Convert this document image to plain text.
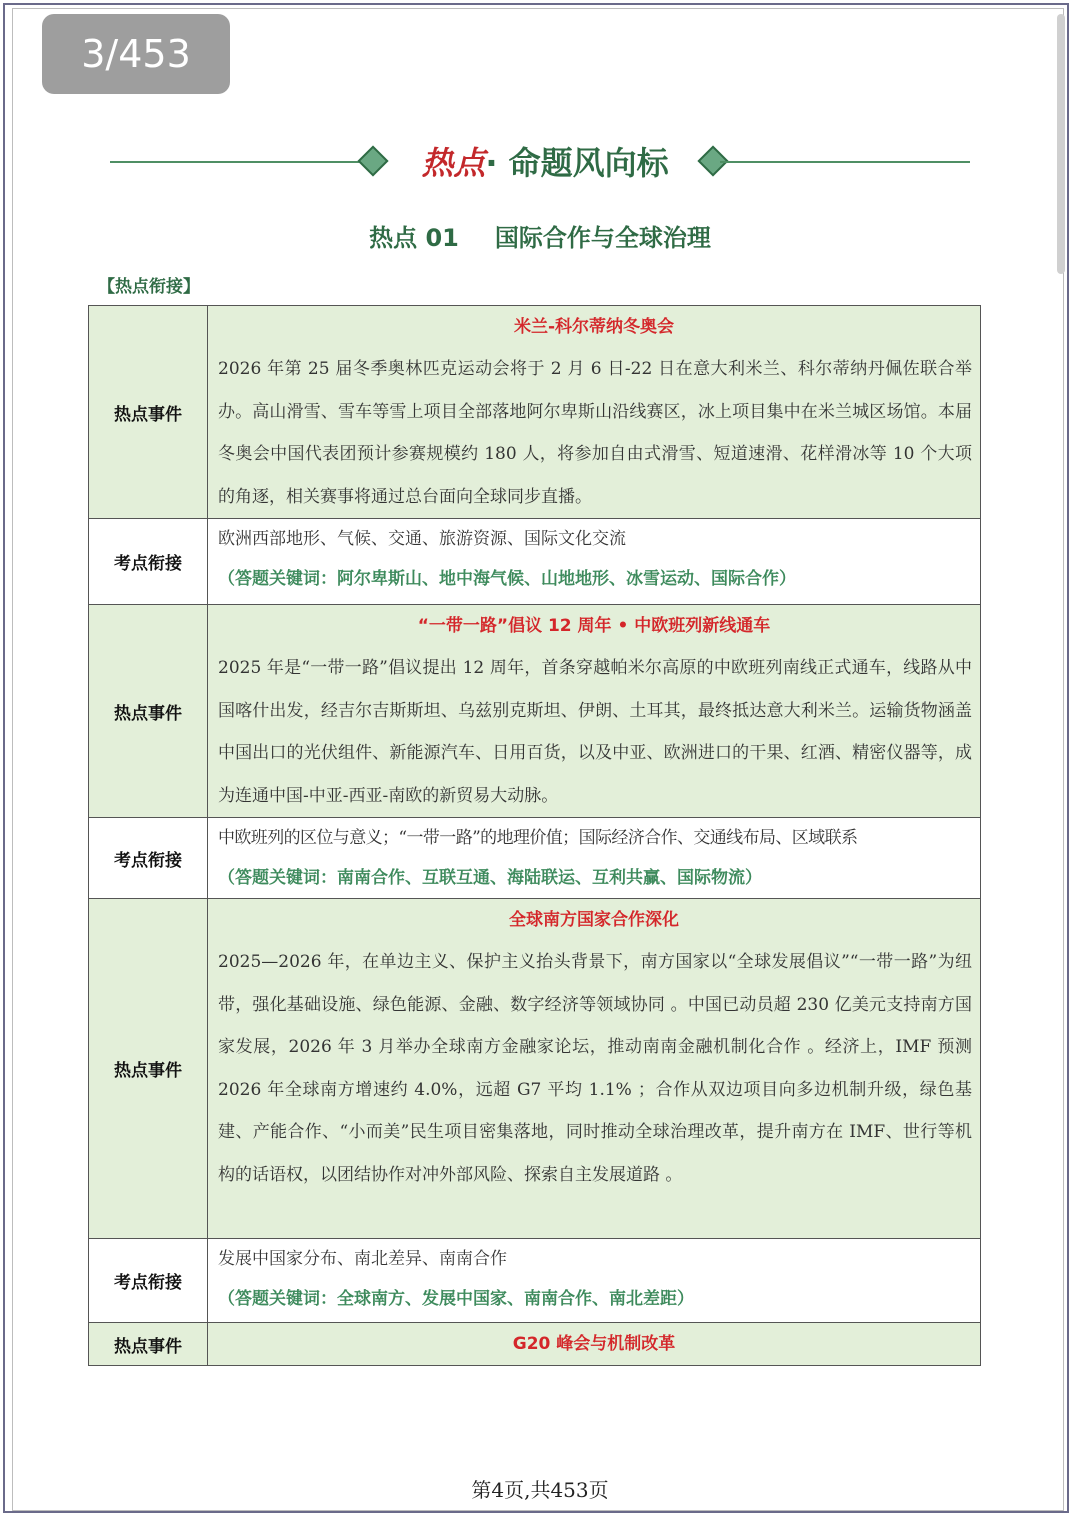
3/453
热点· 命题风向标
热点 01 国际合作与全球治理
【热点衔接】
热点事件	米兰-科尔蒂纳冬奥会
2026 年第 25 届冬季奥林匹克运动会将于 2 月 6 日-22 日在意大利米兰、科尔蒂纳丹佩佐联合举办。高山滑雪、雪车等雪上项目全部落地阿尔卑斯山沿线赛区，冰上项目集中在米兰城区场馆。本届冬奥会中国代表团预计参赛规模约 180 人，将参加自由式滑雪、短道速滑、花样滑冰等 10 个大项的角逐，相关赛事将通过总台面向全球同步直播。

考点衔接	欧洲西部地形、气候、交通、旅游资源、国际文化交流
（答题关键词：阿尔卑斯山、地中海气候、山地地形、冰雪运动、国际合作）

热点事件	“一带一路”倡议 12 周年 • 中欧班列新线通车
2025 年是“一带一路”倡议提出 12 周年，首条穿越帕米尔高原的中欧班列南线正式通车，线路从中国喀什出发，经吉尔吉斯斯坦、乌兹别克斯坦、伊朗、土耳其，最终抵达意大利米兰。运输货物涵盖中国出口的光伏组件、新能源汽车、日用百货，以及中亚、欧洲进口的干果、红酒、精密仪器等，成为连通中国-中亚-西亚-南欧的新贸易大动脉。

考点衔接	中欧班列的区位与意义；“一带一路”的地理价值；国际经济合作、交通线布局、区域联系
（答题关键词：南南合作、互联互通、海陆联运、互利共赢、国际物流）

热点事件	全球南方国家合作深化
2025—2026 年，在单边主义、保护主义抬头背景下，南方国家以“全球发展倡议”“一带一路”为纽带，强化基础设施、绿色能源、金融、数字经济等领域协同 。中国已动员超 230 亿美元支持南方国家发展，2026 年 3 月举办全球南方金融家论坛，推动南南金融机制化合作 。经济上，IMF 预测 2026 年全球南方增速约 4.0%，远超 G7 平均 1.1% ；合作从双边项目向多边机制升级，绿色基建、产能合作、“小而美”民生项目密集落地，同时推动全球治理改革，提升南方在 IMF、世行等机构的话语权，以团结协作对冲外部风险、探索自主发展道路 。

考点衔接	发展中国家分布、南北差异、南南合作
（答题关键词：全球南方、发展中国家、南南合作、南北差距）

热点事件	G20 峰会与机制改革
第4页,共453页
